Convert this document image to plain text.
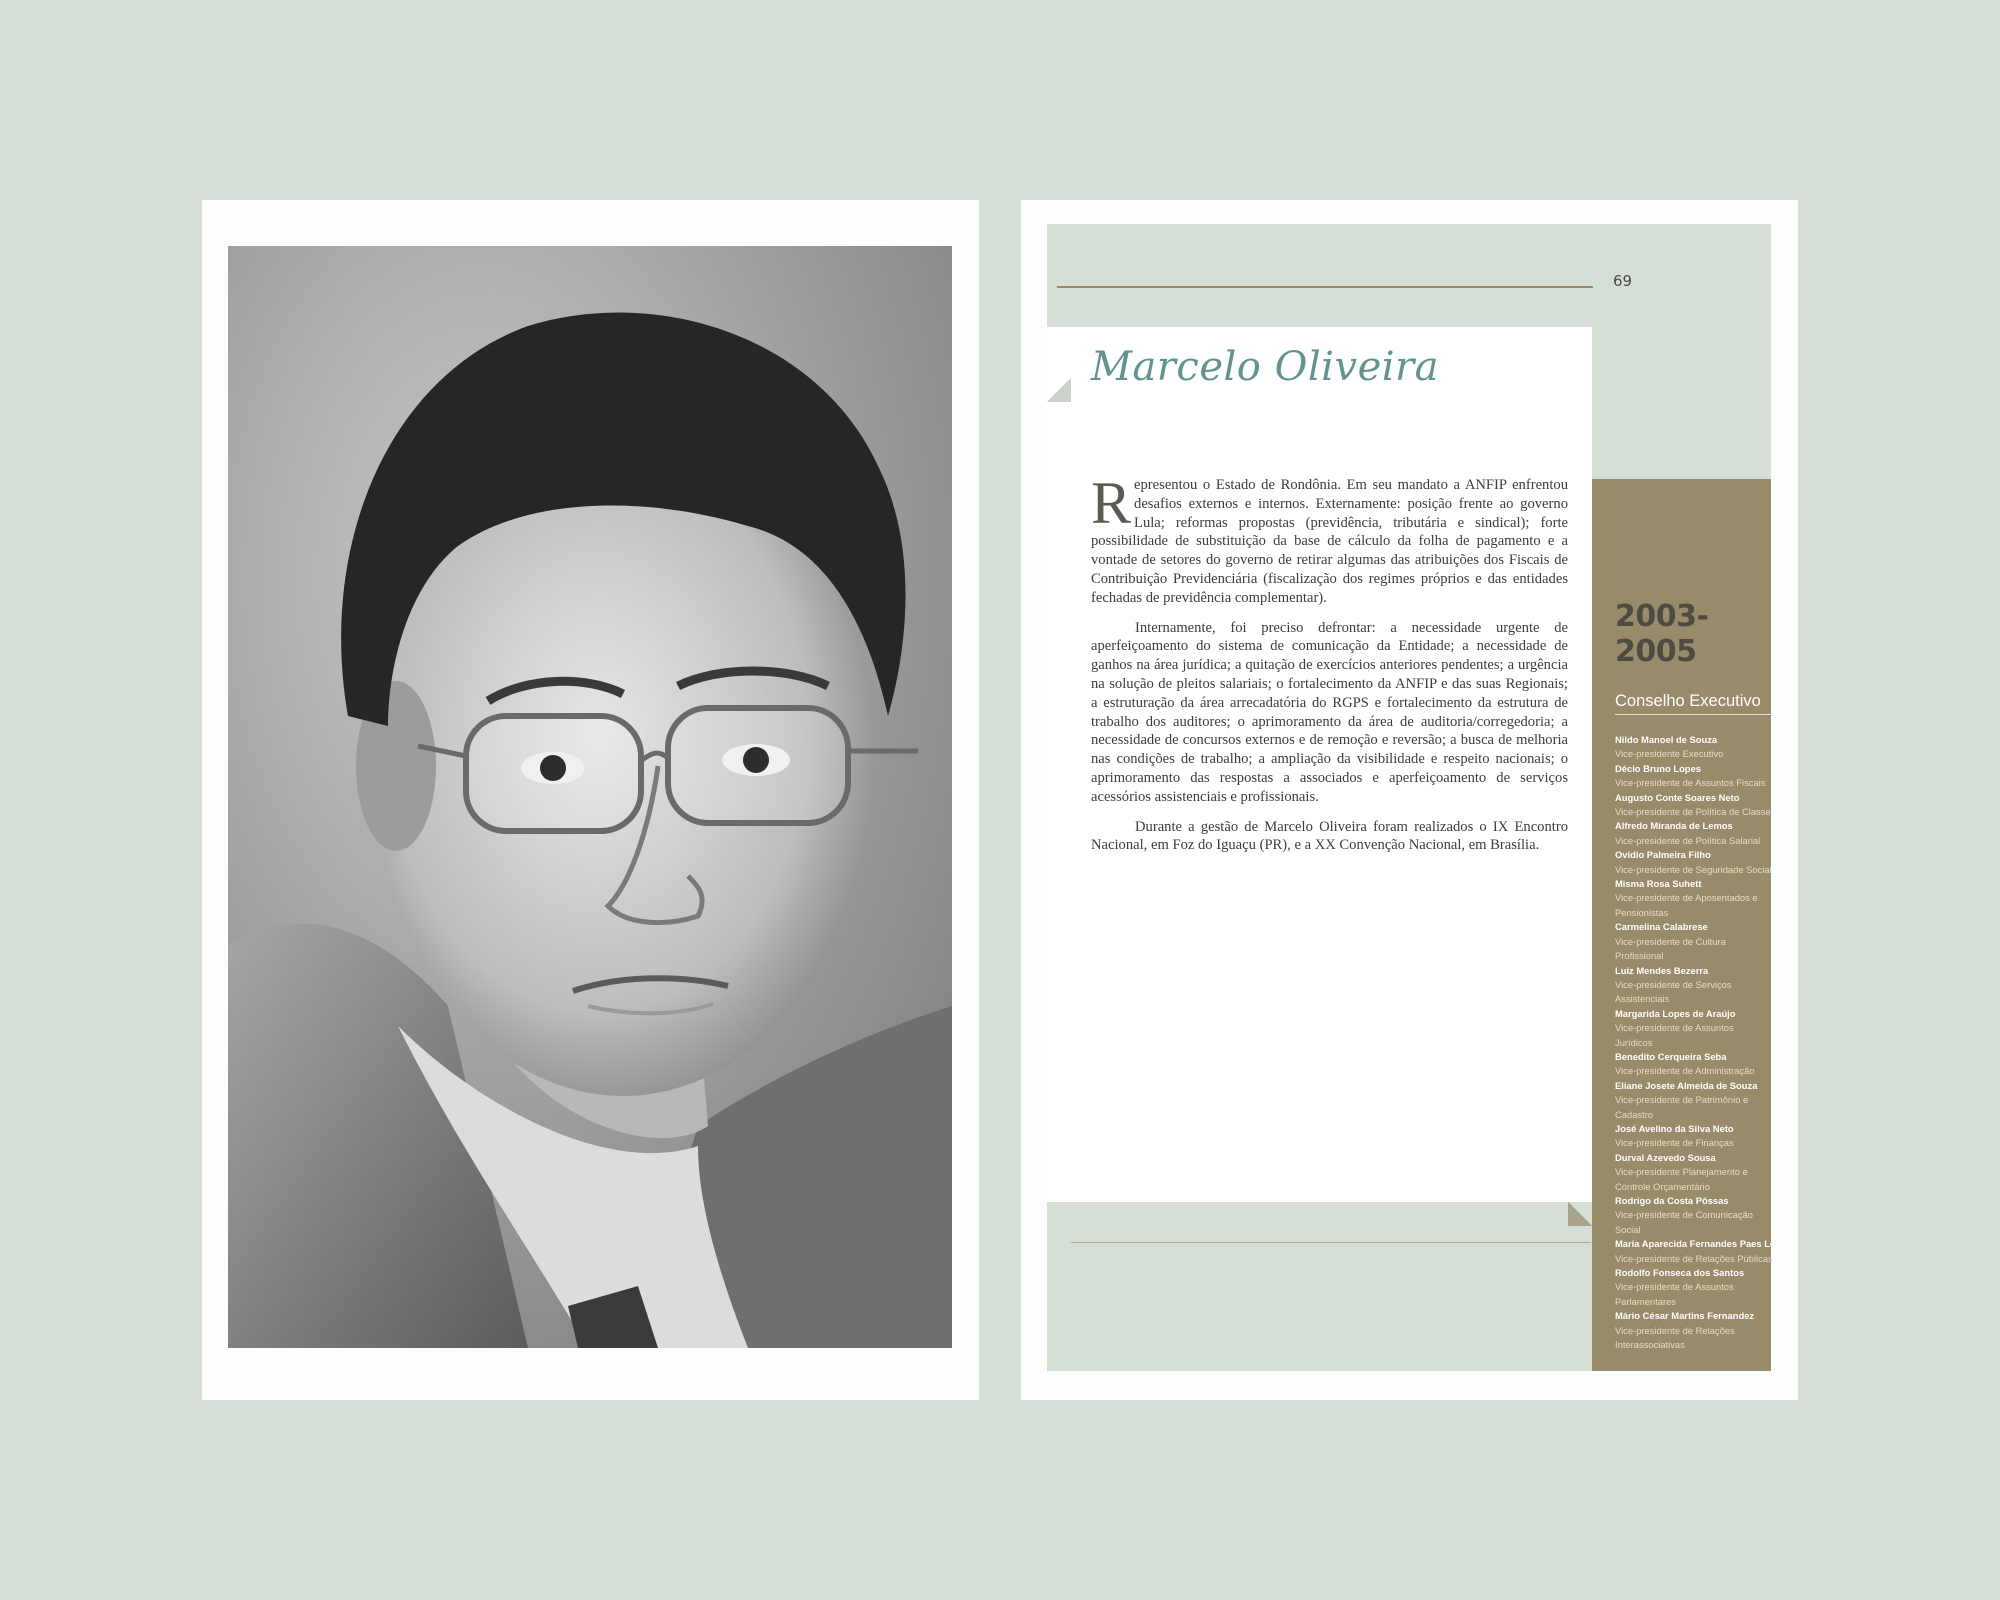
69
Marcelo Oliveira

Representou o Estado de Rondônia. Em seu mandato a ANFIP enfrentou desafios externos e internos. Externamente: posição frente ao governo Lula; reformas propostas (previdência, tributária e sindical); forte possibilidade de substituição da base de cálculo da folha de pagamento e a vontade de setores do governo de retirar algumas das atribuições dos Fiscais de Contribuição Previdenciária (fiscalização dos regimes próprios e das entidades fechadas de previdência complementar).

Internamente, foi preciso defrontar: a necessidade urgente de aperfeiçoamento do sistema de comunicação da Entidade; a necessidade de ganhos na área jurídica; a quitação de exercícios anteriores pendentes; a urgência na solução de pleitos salariais; o fortalecimento da ANFIP e das suas Regionais; a estruturação da área arrecadatória do RGPS e fortalecimento da estrutura de trabalho dos auditores; o aprimoramento da área de auditoria/corregedoria; a necessidade de concursos externos e de remoção e reversão; a busca de melhoria nas condições de trabalho; a ampliação da visibilidade e respeito nacionais; o aprimoramento das respostas a associados e aperfeiçoamento de serviços acessórios assistenciais e profissionais.

Durante a gestão de Marcelo Oliveira foram realizados o IX Encontro Nacional, em Foz do Iguaçu (PR), e a XX Convenção Nacional, em Brasília.

2003-2005
Conselho Executivo
Nildo Manoel de Souza
Vice-presidente Executivo
Décio Bruno Lopes
Vice-presidente de Assuntos Fiscais
Augusto Conte Soares Neto
Vice-presidente de Política de Classe
Alfredo Miranda de Lemos
Vice-presidente de Política Salarial
Ovídio Palmeira Filho
Vice-presidente de Seguridade Social
Misma Rosa Suhett
Vice-presidente de Aposentados e Pensionistas
Carmelina Calabrese
Vice-presidente de Cultura Profissional
Luiz Mendes Bezerra
Vice-presidente de Serviços Assistenciais
Margarida Lopes de Araújo
Vice-presidente de Assuntos Jurídicos
Benedito Cerqueira Seba
Vice-presidente de Administração
Eliane Josete Almeida de Souza
Vice-presidente de Patrimônio e Cadastro
José Avelino da Silva Neto
Vice-presidente de Finanças
Durval Azevedo Sousa
Vice-presidente Planejamento e Controle Orçamentário
Rodrigo da Costa Pôssas
Vice-presidente de Comunicação Social
Maria Aparecida Fernandes Paes Leme
Vice-presidente de Relações Públicas
Rodolfo Fonseca dos Santos
Vice-presidente de Assuntos Parlamentares
Mário César Martins Fernandez
Vice-presidente de Relações Interassociativas
